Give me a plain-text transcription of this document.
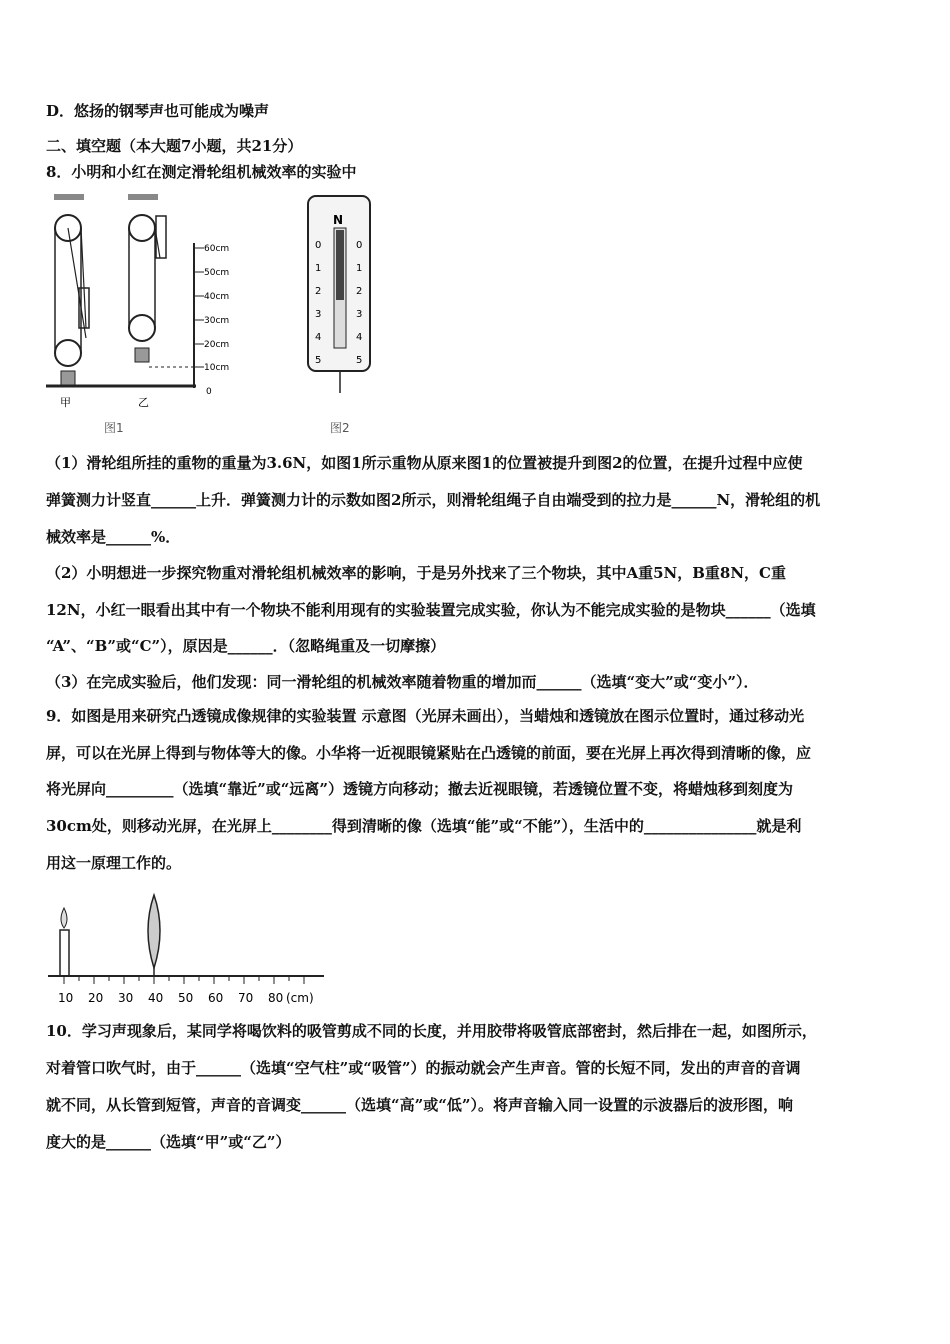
D．悠扬的钢琴声也可能成为噪声
二、填空题（本大题7小题，共21分）
8．小明和小红在测定滑轮组机械效率的实验中
60cm
50cm
40cm
30cm
20cm
10cm
0
甲	乙
图1
N
0
1
2
3
4
5
0
1
2
3
4
5
图2
（1）滑轮组所挂的重物的重量为3.6N，如图1所示重物从原来图1的位置被提升到图2的位置，在提升过程中应使
弹簧测力计竖直______上升．弹簧测力计的示数如图2所示，则滑轮组绳子自由端受到的拉力是______N，滑轮组的机
械效率是______%．
（2）小明想进一步探究物重对滑轮组机械效率的影响，于是另外找来了三个物块，其中A重5N，B重8N，C重
12N，小红一眼看出其中有一个物块不能利用现有的实验装置完成实验，你认为不能完成实验的是物块______（选填
“A”、“B”或“C”），原因是______．（忽略绳重及一切摩擦）
（3）在完成实验后，他们发现：同一滑轮组的机械效率随着物重的增加而______（选填“变大”或“变小”）．
9．如图是用来研究凸透镜成像规律的实验装置 示意图（光屏未画出），当蜡烛和透镜放在图示位置时，通过移动光
屏，可以在光屏上得到与物体等大的像。小华将一近视眼镜紧贴在凸透镜的前面，要在光屏上再次得到清晰的像，应
将光屏向_________（选填“靠近”或“远离”）透镜方向移动；撤去近视眼镜，若透镜位置不变，将蜡烛移到刻度为
30cm处，则移动光屏，在光屏上________得到清晰的像（选填“能”或“不能”），生活中的_______________就是利
用这一原理工作的。
10 20 30 40 50 60 70 80 (cm)
10．学习声现象后，某同学将喝饮料的吸管剪成不同的长度，并用胶带将吸管底部密封，然后排在一起，如图所示，
对着管口吹气时，由于______（选填“空气柱”或“吸管”）的振动就会产生声音。管的长短不同，发出的声音的音调
就不同，从长管到短管，声音的音调变______（选填“高”或“低”）。将声音输入同一设置的示波器后的波形图，响
度大的是______（选填“甲”或“乙”）
